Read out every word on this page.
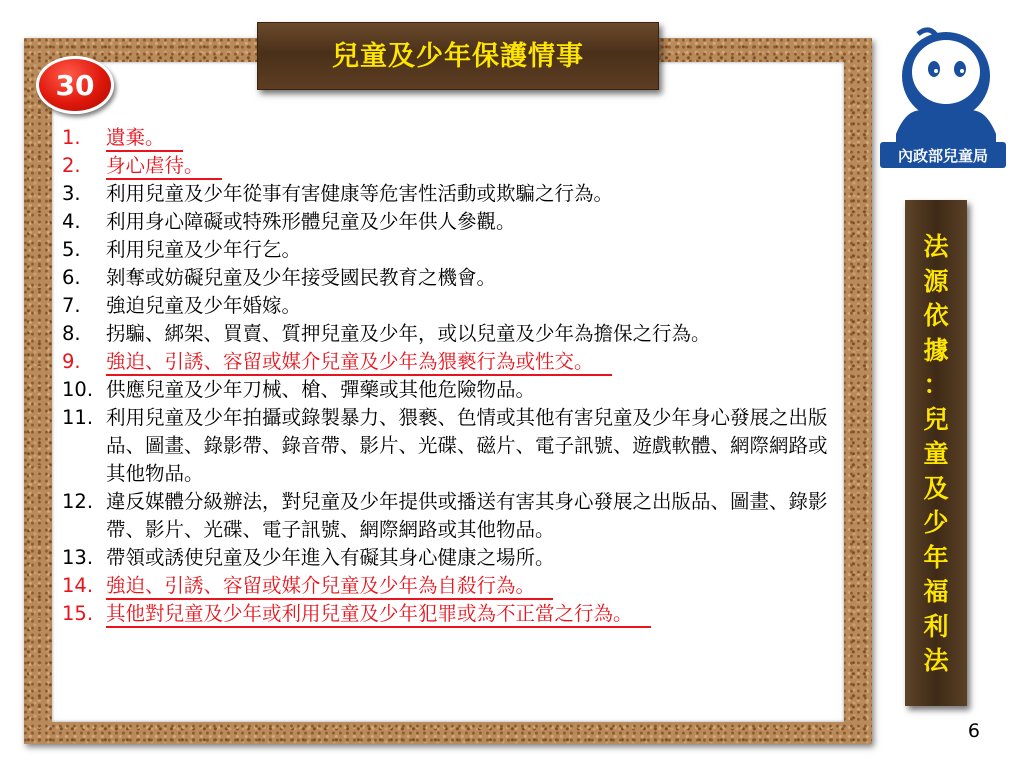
兒童及少年保護情事
30
1.	遺棄。
2.	身心虐待。
3.	利用兒童及少年從事有害健康等危害性活動或欺騙之行為。
4.	利用身心障礙或特殊形體兒童及少年供人參觀。
5.	利用兒童及少年行乞。
6.	剝奪或妨礙兒童及少年接受國民教育之機會。
7.	強迫兒童及少年婚嫁。
8.	拐騙、綁架、買賣、質押兒童及少年，或以兒童及少年為擔保之行為。
9.	強迫、引誘、容留或媒介兒童及少年為猥褻行為或性交。
10. 供應兒童及少年刀械、槍、彈藥或其他危險物品。
11. 利用兒童及少年拍攝或錄製暴力、猥褻、色情或其他有害兒童及少年身心發展之出版品、圖畫、錄影帶、錄音帶、影片、光碟、磁片、電子訊號、遊戲軟體、網際網路或其他物品。
12. 違反媒體分級辦法，對兒童及少年提供或播送有害其身心發展之出版品、圖畫、錄影帶、影片、光碟、電子訊號、網際網路或其他物品。
13. 帶領或誘使兒童及少年進入有礙其身心健康之場所。
14. 強迫、引誘、容留或媒介兒童及少年為自殺行為。
15. 其他對兒童及少年或利用兒童及少年犯罪或為不正當之行為。
內政部兒童局
法
源
依
據
：
兒
童
及
少
年
福
利
法
6
